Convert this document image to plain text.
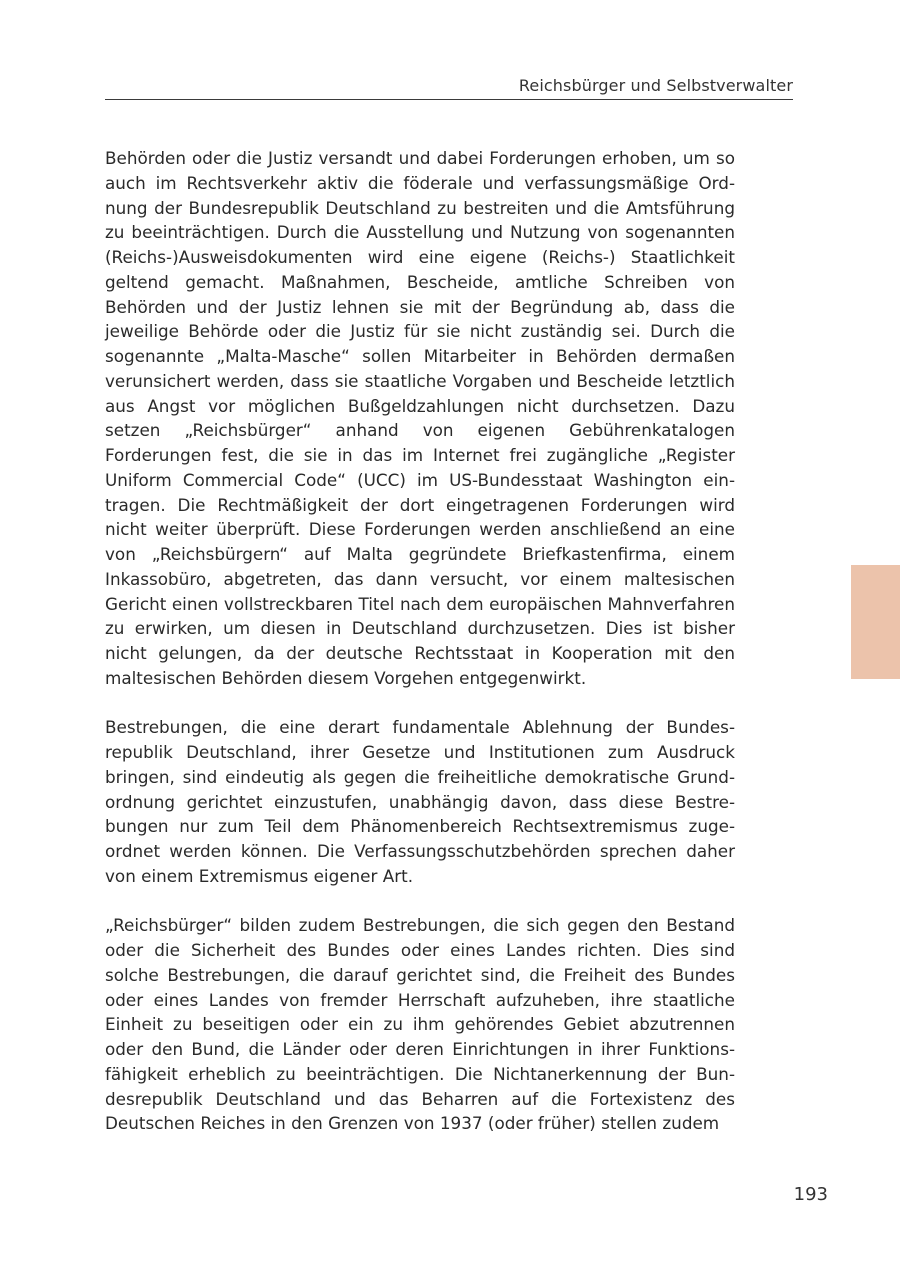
Reichsbürger und Selbstverwalter

Behörden oder die Justiz versandt und dabei Forderungen erhoben, um so auch im Rechtsverkehr aktiv die föderale und verfassungsmäßige Ordnung der Bundesrepublik Deutschland zu bestreiten und die Amtsführung zu beeinträchtigen. Durch die Ausstellung und Nutzung von sogenannten (Reichs-)Ausweisdokumenten wird eine eigene (Reichs-) Staatlichkeit geltend gemacht. Maßnahmen, Bescheide, amtliche Schreiben von Behörden und der Justiz lehnen sie mit der Begründung ab, dass die jeweilige Behörde oder die Justiz für sie nicht zuständig sei. Durch die sogenannte „Malta-Masche“ sollen Mitarbeiter in Behörden dermaßen verunsichert werden, dass sie staatliche Vorgaben und Bescheide letztlich aus Angst vor möglichen Bußgeldzahlungen nicht durchsetzen. Dazu setzen „Reichsbürger“ anhand von eigenen Gebührenkatalogen Forderungen fest, die sie in das im Internet frei zugängliche „Register Uniform Commercial Code“ (UCC) im US-Bundesstaat Washington eintragen. Die Rechtmäßigkeit der dort eingetragenen Forderungen wird nicht weiter überprüft. Diese Forderungen werden anschließend an eine von „Reichsbürgern“ auf Malta gegründete Briefkastenfirma, einem Inkassobüro, abgetreten, das dann versucht, vor einem maltesischen Gericht einen vollstreckbaren Titel nach dem europäischen Mahnverfahren zu erwirken, um diesen in Deutschland durchzusetzen. Dies ist bisher nicht gelungen, da der deutsche Rechtsstaat in Kooperation mit den maltesischen Behörden diesem Vorgehen entgegenwirkt.

Bestrebungen, die eine derart fundamentale Ablehnung der Bundesrepublik Deutschland, ihrer Gesetze und Institutionen zum Ausdruck bringen, sind eindeutig als gegen die freiheitliche demokratische Grundordnung gerichtet einzustufen, unabhängig davon, dass diese Bestrebungen nur zum Teil dem Phänomenbereich Rechtsextremismus zugeordnet werden können. Die Verfassungsschutzbehörden sprechen daher von einem Extremismus eigener Art.

„Reichsbürger“ bilden zudem Bestrebungen, die sich gegen den Bestand oder die Sicherheit des Bundes oder eines Landes richten. Dies sind solche Bestrebungen, die darauf gerichtet sind, die Freiheit des Bundes oder eines Landes von fremder Herrschaft aufzuheben, ihre staatliche Einheit zu beseitigen oder ein zu ihm gehörendes Gebiet abzutrennen oder den Bund, die Länder oder deren Einrichtungen in ihrer Funktionsfähigkeit erheblich zu beeinträchtigen. Die Nichtanerkennung der Bundesrepublik Deutschland und das Beharren auf die Fortexistenz des Deutschen Reiches in den Grenzen von 1937 (oder früher) stellen zudem

193
